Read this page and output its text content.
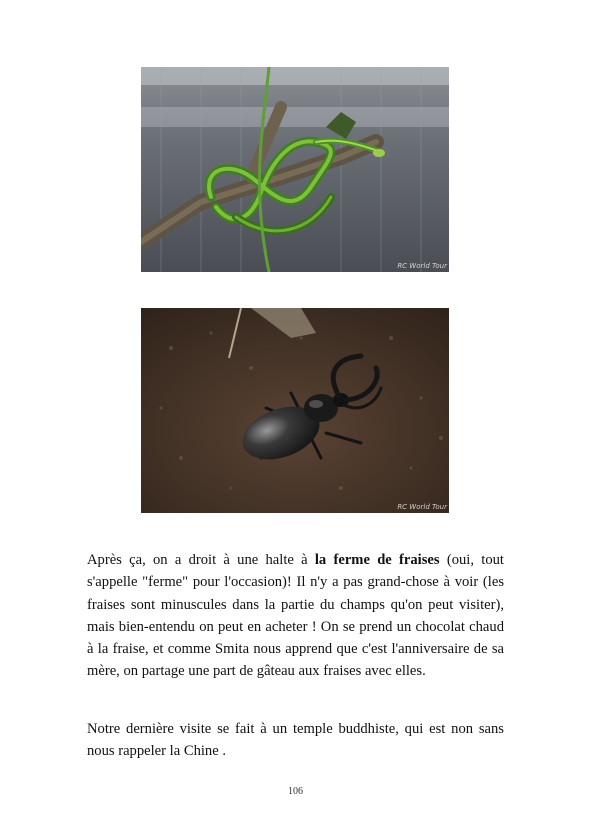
RC World Tour
RC World Tour

Après ça, on a droit à une halte à la ferme de fraises (oui, tout s'appelle "ferme" pour l'occasion)! Il n'y a pas grand-chose à voir (les fraises sont minuscules dans la partie du champs qu'on peut visiter), mais bien-entendu on peut en acheter ! On se prend un chocolat chaud à la fraise, et comme Smita nous apprend que c'est l'anniversaire de sa mère, on partage une part de gâteau aux fraises avec elles.

Notre dernière visite se fait à un temple buddhiste, qui est non sans nous rappeler la Chine .

106
